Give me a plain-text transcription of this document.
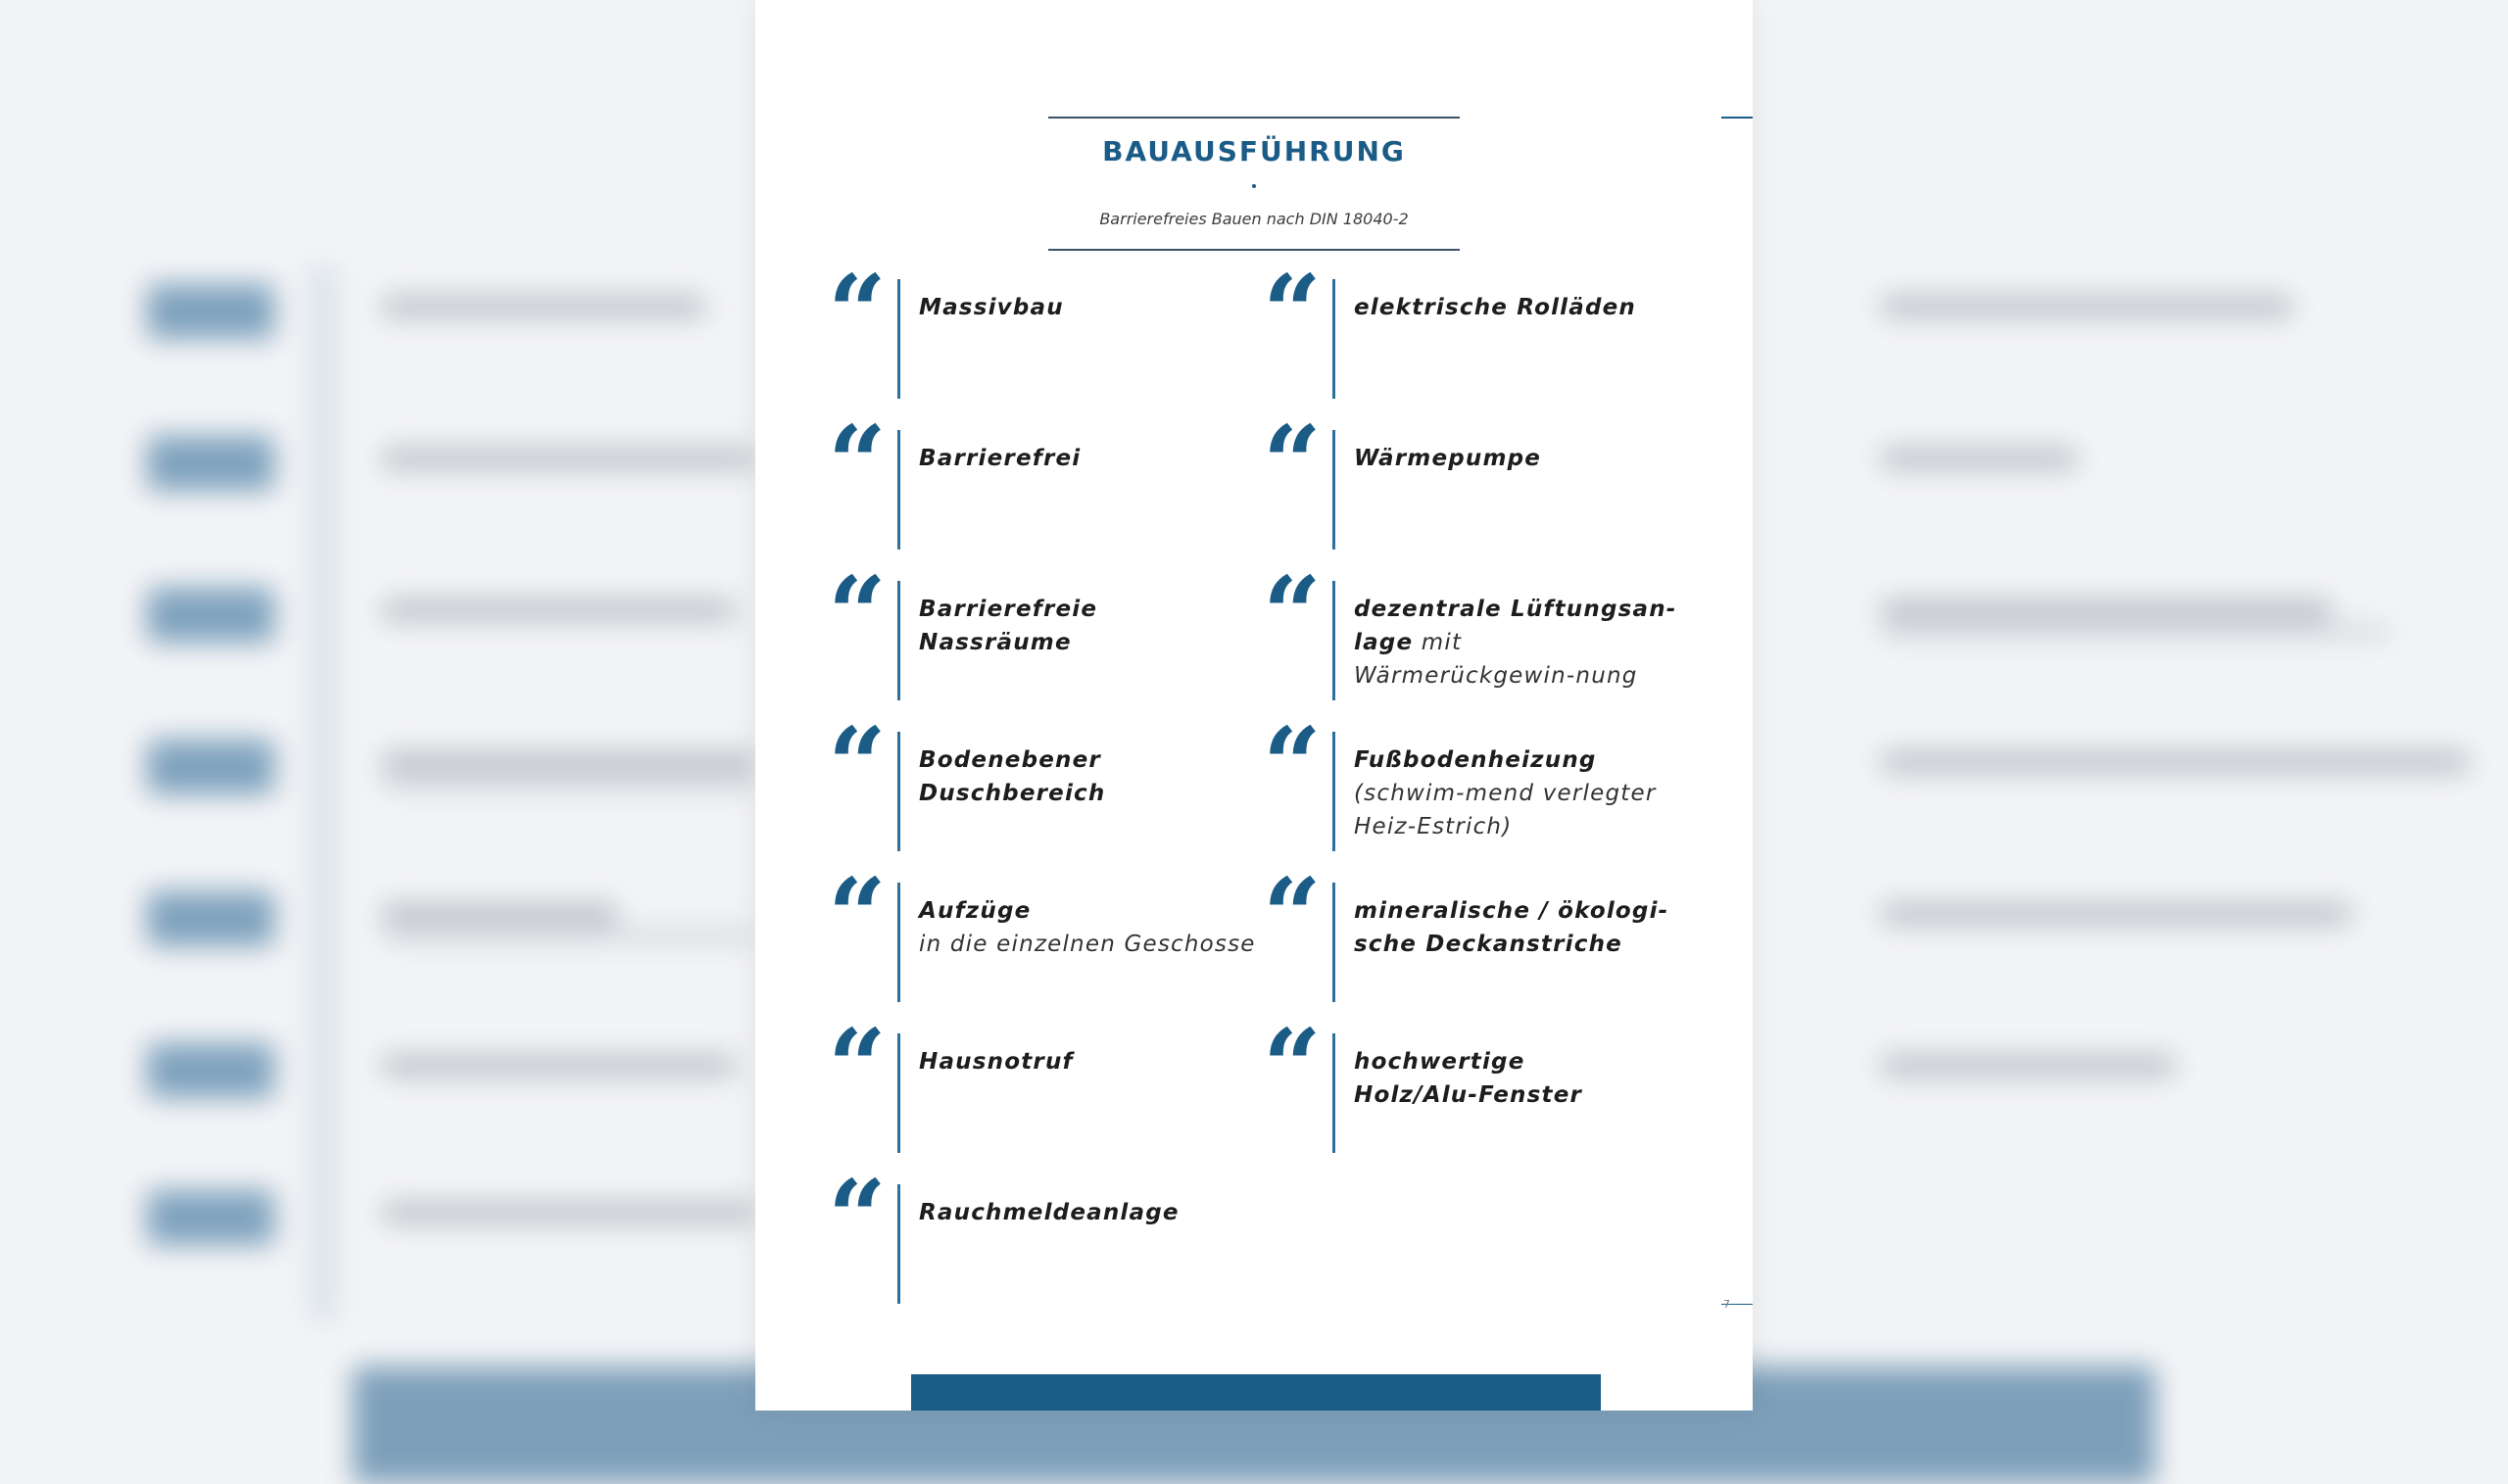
BAUAUSFÜHRUNG
Barrierefreies Bauen nach DIN 18040-2
“ Massivbau
“ Barrierefrei
“ Barrierefreie Nassräume
“ Bodenebener Duschbereich
“ Aufzüge
in die einzelnen Geschosse
“ Hausnotruf
“ Rauchmeldeanlage
“ elektrische Rolläden
“ Wärmepumpe
“ dezentrale Lüftungsan-lage mit Wärmerückgewin-nung
“ Fußbodenheizung (schwim-mend verlegter Heiz-Estrich)
“ mineralische / ökologi-sche Deckanstriche
“ hochwertige Holz/Alu-Fenster
7
